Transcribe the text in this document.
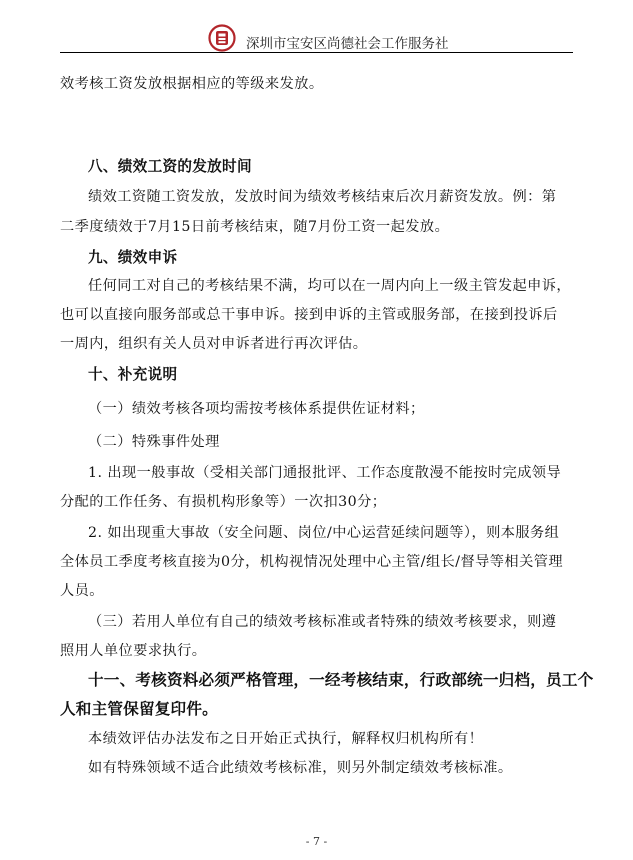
深圳市宝安区尚德社会工作服务社
效考核工资发放根据相应的等级来发放。
八、绩效工资的发放时间
绩效工资随工资发放，发放时间为绩效考核结束后次月薪资发放。例：第
二季度绩效于7月15日前考核结束，随7月份工资一起发放。
九、绩效申诉
任何同工对自己的考核结果不满，均可以在一周内向上一级主管发起申诉，
也可以直接向服务部或总干事申诉。接到申诉的主管或服务部，在接到投诉后
一周内，组织有关人员对申诉者进行再次评估。
十、补充说明
（一）绩效考核各项均需按考核体系提供佐证材料；
（二）特殊事件处理
1. 出现一般事故（受相关部门通报批评、工作态度散漫不能按时完成领导
分配的工作任务、有损机构形象等）一次扣30分；
2. 如出现重大事故（安全问题、岗位/中心运营延续问题等），则本服务组
全体员工季度考核直接为0分，机构视情况处理中心主管/组长/督导等相关管理
人员。
（三）若用人单位有自己的绩效考核标准或者特殊的绩效考核要求，则遵
照用人单位要求执行。
十一、考核资料必须严格管理，一经考核结束，行政部统一归档，员工个
人和主管保留复印件。
本绩效评估办法发布之日开始正式执行，解释权归机构所有！
如有特殊领域不适合此绩效考核标准，则另外制定绩效考核标准。
- 7 -
